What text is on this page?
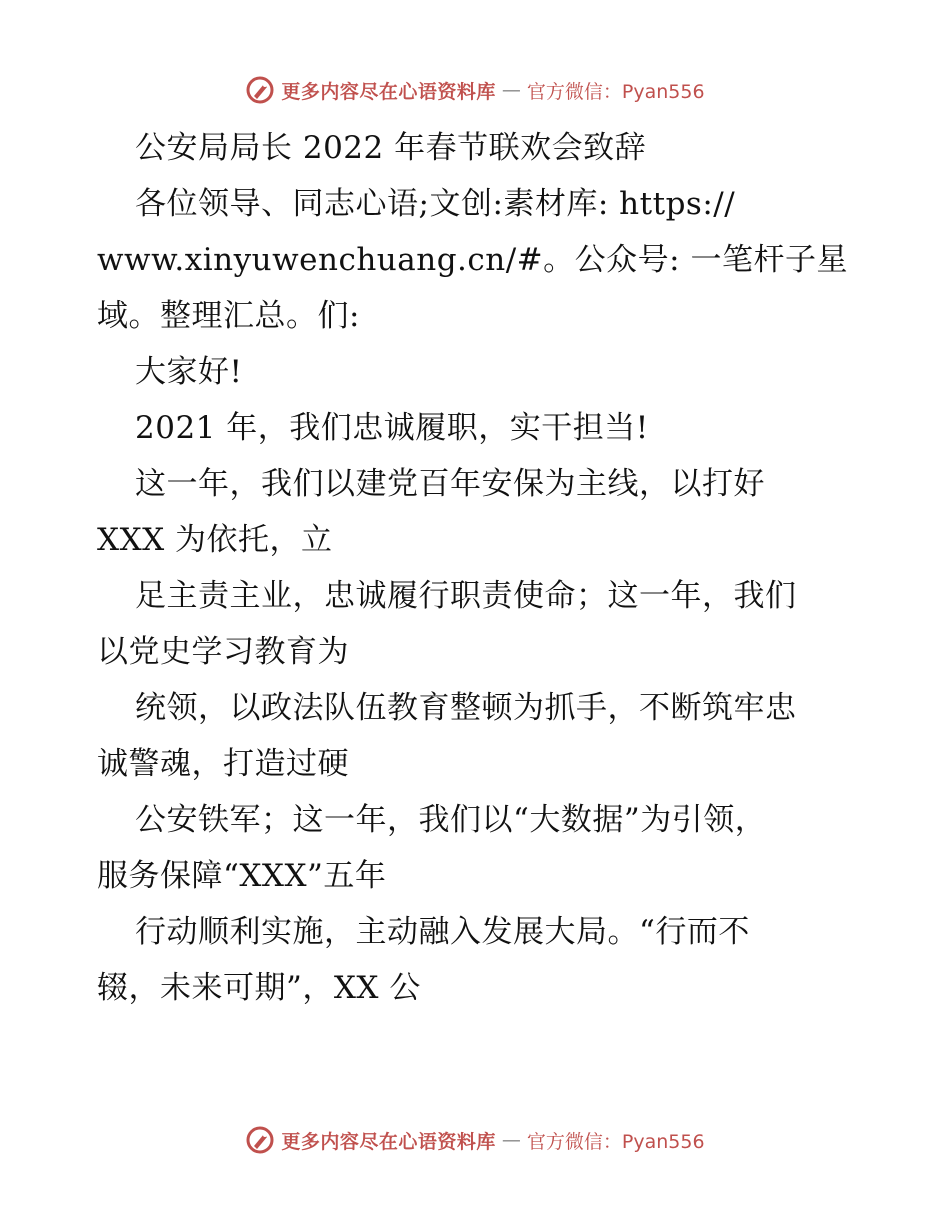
更多内容尽在心语资料库 — 官方微信：Pyan556
公安局局长 2022 年春节联欢会致辞
各位领导、同志心语;文创:素材库: https://
www.xinyuwenchuang.cn/#。公众号: 一笔杆子星
域。整理汇总。们:
大家好!
2021 年，我们忠诚履职，实干担当!
这一年，我们以建党百年安保为主线，以打好
XXX 为依托，立
足主责主业，忠诚履行职责使命；这一年，我们
以党史学习教育为
统领，以政法队伍教育整顿为抓手，不断筑牢忠
诚警魂，打造过硬
公安铁军；这一年，我们以“大数据”为引领，
服务保障“XXX”五年
行动顺利实施，主动融入发展大局。“行而不
辍，未来可期”，XX 公
更多内容尽在心语资料库 — 官方微信：Pyan556
